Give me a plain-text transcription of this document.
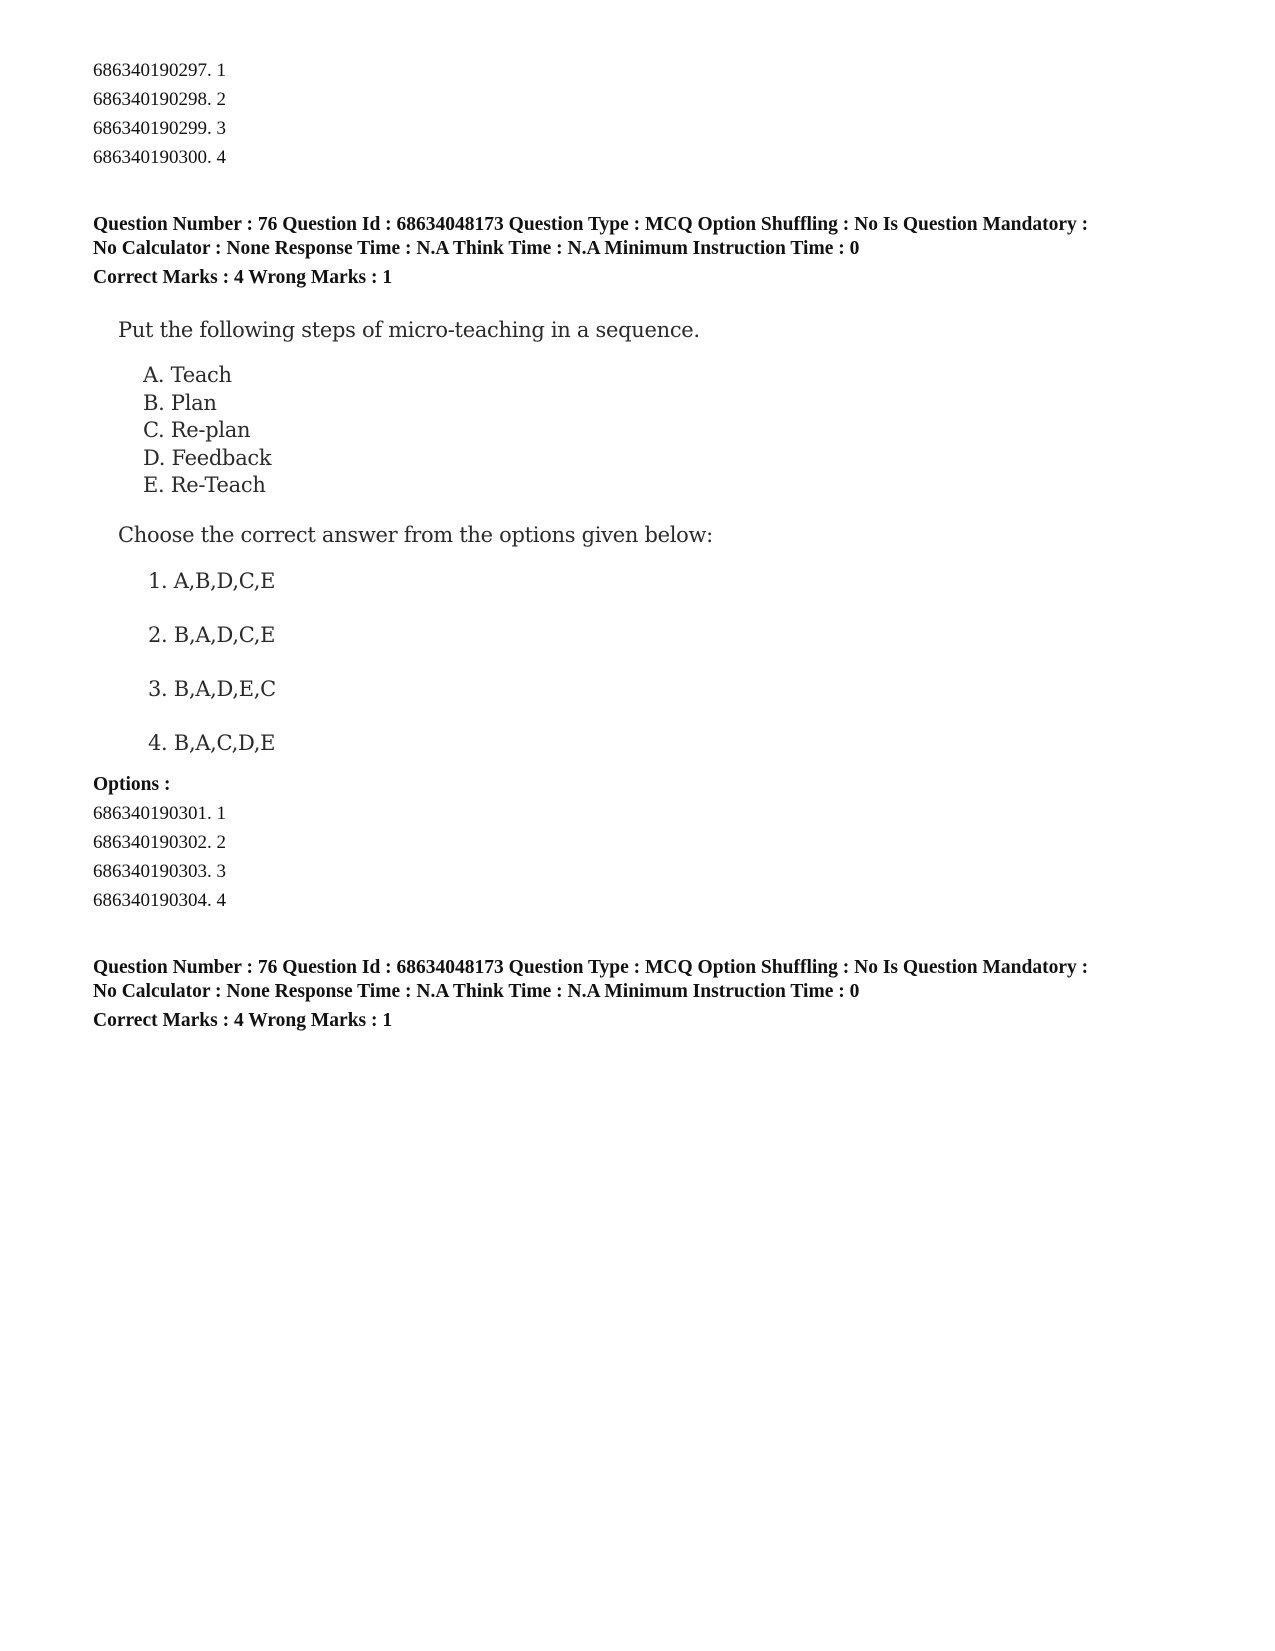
686340190297. 1
686340190298. 2
686340190299. 3
686340190300. 4
Question Number : 76 Question Id : 68634048173 Question Type : MCQ Option Shuffling : No Is Question Mandatory :
No Calculator : None Response Time : N.A Think Time : N.A Minimum Instruction Time : 0
Correct Marks : 4 Wrong Marks : 1
Put the following steps of micro-teaching in a sequence.
A. Teach
B. Plan
C. Re-plan
D. Feedback
E. Re-Teach
Choose the correct answer from the options given below:
1. A,B,D,C,E
2. B,A,D,C,E
3. B,A,D,E,C
4. B,A,C,D,E
Options :
686340190301. 1
686340190302. 2
686340190303. 3
686340190304. 4
Question Number : 76 Question Id : 68634048173 Question Type : MCQ Option Shuffling : No Is Question Mandatory :
No Calculator : None Response Time : N.A Think Time : N.A Minimum Instruction Time : 0
Correct Marks : 4 Wrong Marks : 1
